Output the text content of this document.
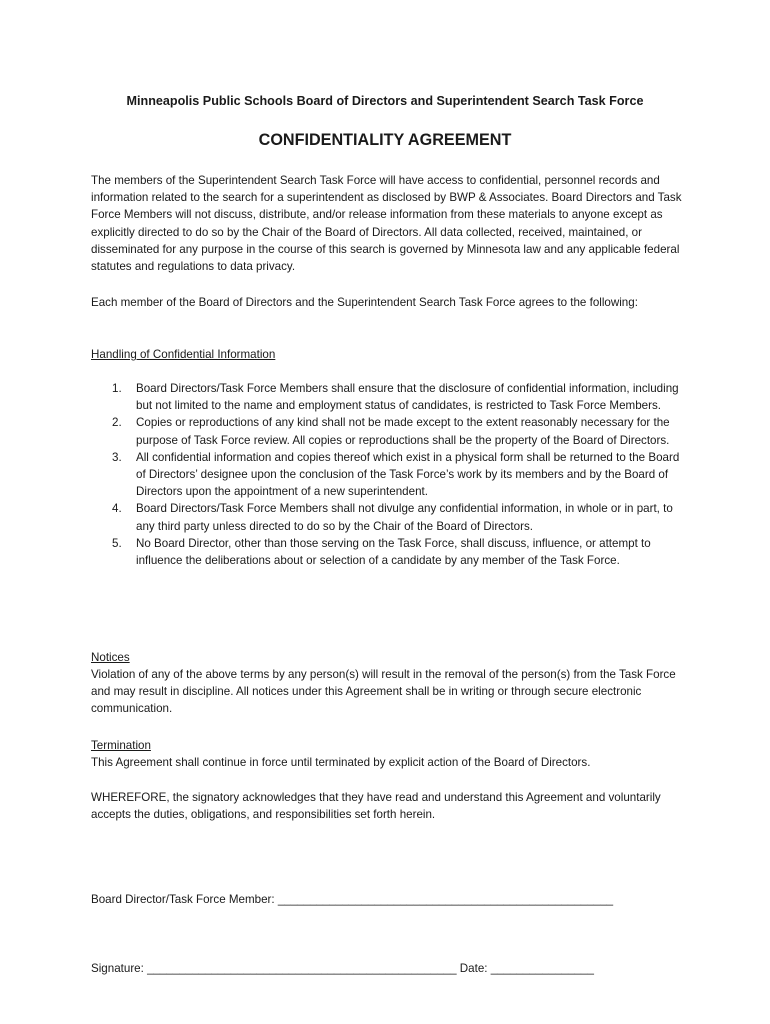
Minneapolis Public Schools Board of Directors and Superintendent Search Task Force
CONFIDENTIALITY AGREEMENT
The members of the Superintendent Search Task Force will have access to confidential, personnel records and information related to the search for a superintendent as disclosed by BWP & Associates. Board Directors and Task Force Members will not discuss, distribute, and/or release information from these materials to anyone except as explicitly directed to do so by the Chair of the Board of Directors. All data collected, received, maintained, or disseminated for any purpose in the course of this search is governed by Minnesota law and any applicable federal statutes and regulations to data privacy.
Each member of the Board of Directors and the Superintendent Search Task Force agrees to the following:
Handling of Confidential Information
1. Board Directors/Task Force Members shall ensure that the disclosure of confidential information, including but not limited to the name and employment status of candidates, is restricted to Task Force Members.
2. Copies or reproductions of any kind shall not be made except to the extent reasonably necessary for the purpose of Task Force review. All copies or reproductions shall be the property of the Board of Directors.
3. All confidential information and copies thereof which exist in a physical form shall be returned to the Board of Directors’ designee upon the conclusion of the Task Force’s work by its members and by the Board of Directors upon the appointment of a new superintendent.
4. Board Directors/Task Force Members shall not divulge any confidential information, in whole or in part, to any third party unless directed to do so by the Chair of the Board of Directors.
5. No Board Director, other than those serving on the Task Force, shall discuss, influence, or attempt to influence the deliberations about or selection of a candidate by any member of the Task Force.
Notices
Violation of any of the above terms by any person(s) will result in the removal of the person(s) from the Task Force and may result in discipline. All notices under this Agreement shall be in writing or through secure electronic communication.
Termination
This Agreement shall continue in force until terminated by explicit action of the Board of Directors.
WHEREFORE, the signatory acknowledges that they have read and understand this Agreement and voluntarily accepts the duties, obligations, and responsibilities set forth herein.
Board Director/Task Force Member: ____________________________________________________
Signature: ________________________________________________ Date: ________________
